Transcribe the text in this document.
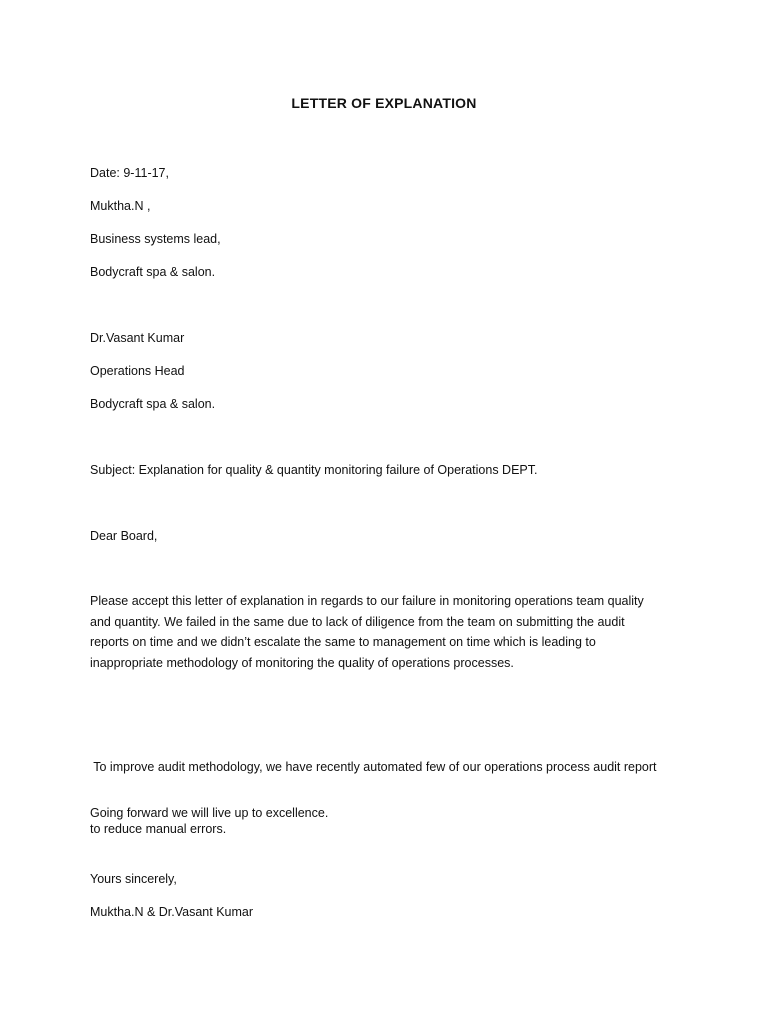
LETTER OF EXPLANATION
Date: 9-11-17,
Muktha.N ,
Business systems lead,
Bodycraft spa & salon.
Dr.Vasant Kumar
Operations Head
Bodycraft spa & salon.
Subject: Explanation for quality & quantity monitoring failure of Operations DEPT.
Dear Board,
Please accept this letter of explanation in regards to our failure in monitoring operations team quality
and quantity. We failed in the same due to lack of diligence from the team on submitting the audit
reports on time and we didn’t escalate the same to management on time which is leading to
inappropriate methodology of monitoring the quality of operations processes.

To improve audit methodology, we have recently automated few of our operations process audit report

to reduce manual errors.

Going forward we will live up to excellence.
Yours sincerely,
Muktha.N & Dr.Vasant Kumar
